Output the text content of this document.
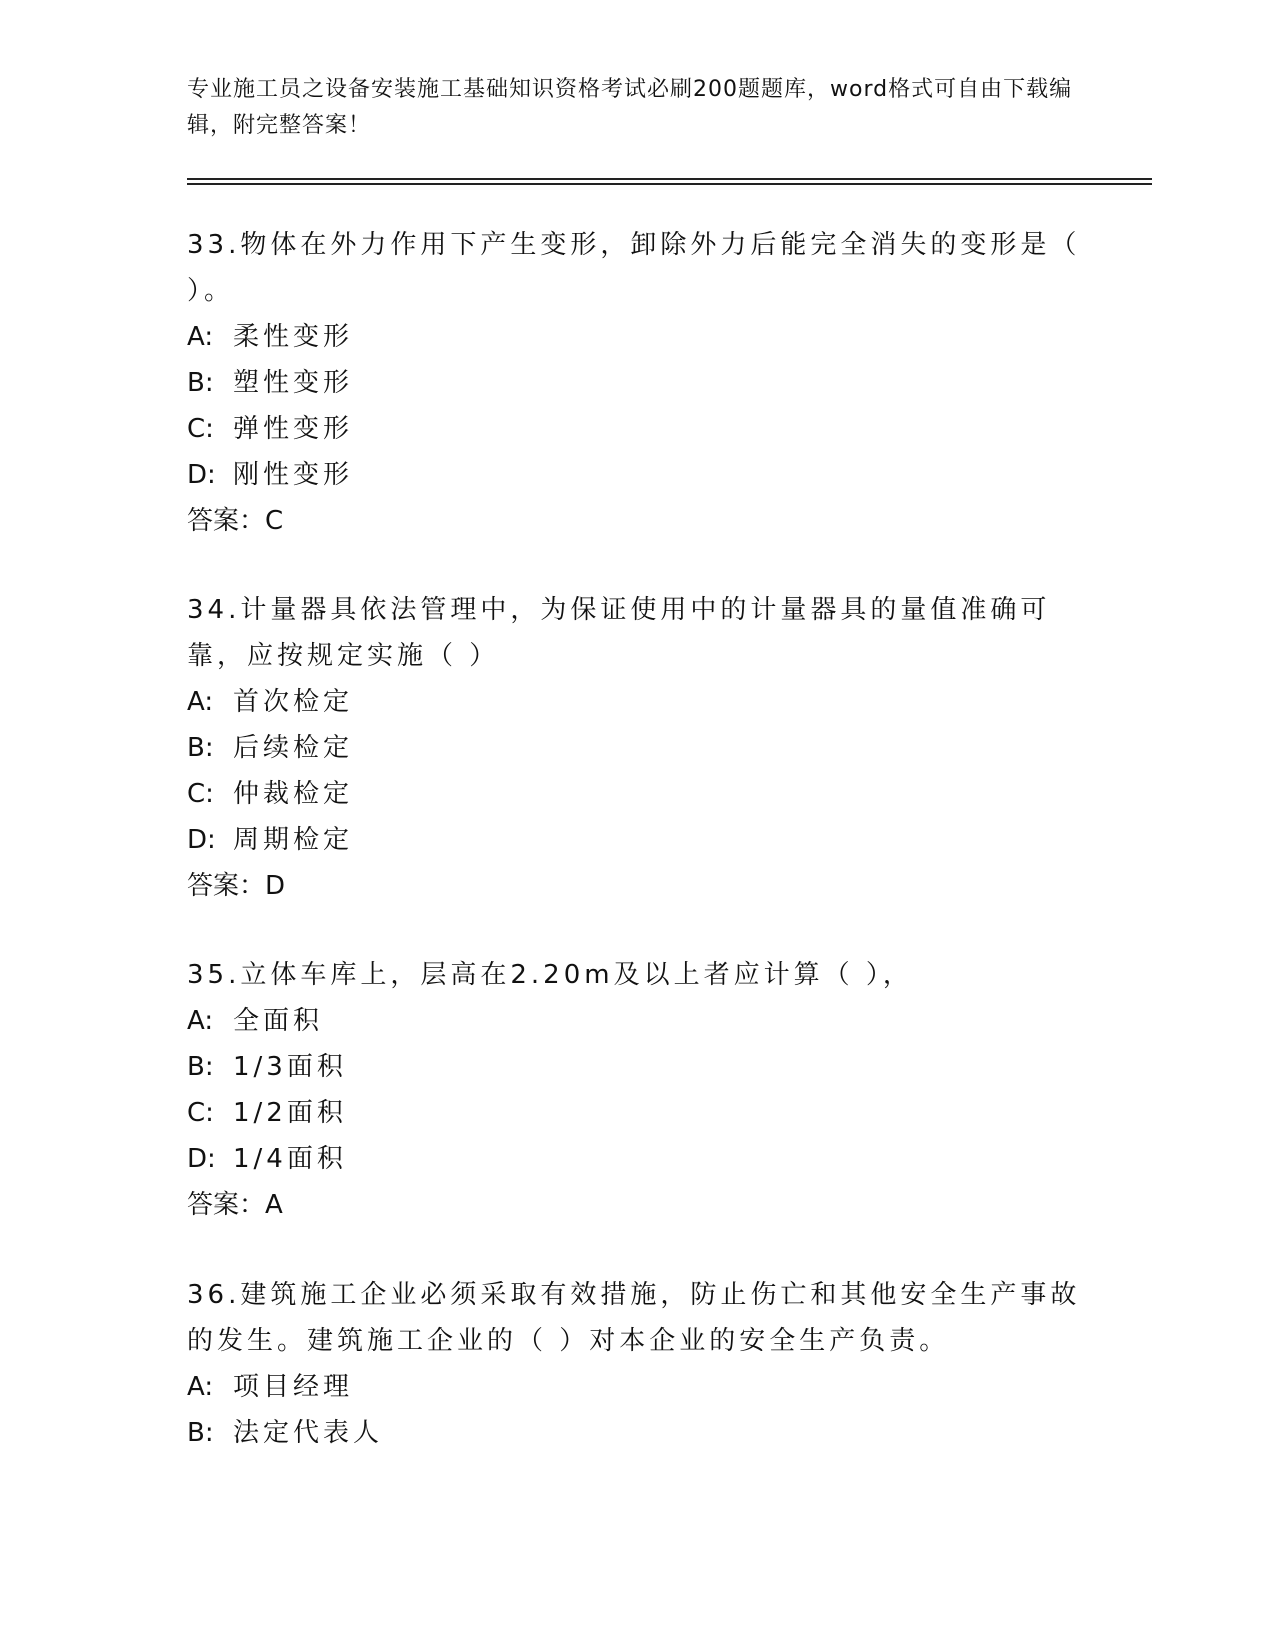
专业施工员之设备安装施工基础知识资格考试必刷200题题库，word格式可自由下载编辑，附完整答案！

33.物体在外力作用下产生变形，卸除外力后能完全消失的变形是（ ）。

A: 柔性变形

B: 塑性变形

C: 弹性变形

D: 刚性变形

答案：C

34.计量器具依法管理中，为保证使用中的计量器具的量值准确可靠，应按规定实施（ ）

A: 首次检定

B: 后续检定

C: 仲裁检定

D: 周期检定

答案：D

35.立体车库上，层高在2.20m及以上者应计算（ ），

A: 全面积

B: 1/3面积

C: 1/2面积

D: 1/4面积

答案：A

36.建筑施工企业必须采取有效措施，防止伤亡和其他安全生产事故的发生。建筑施工企业的（ ）对本企业的安全生产负责。

A: 项目经理

B: 法定代表人
